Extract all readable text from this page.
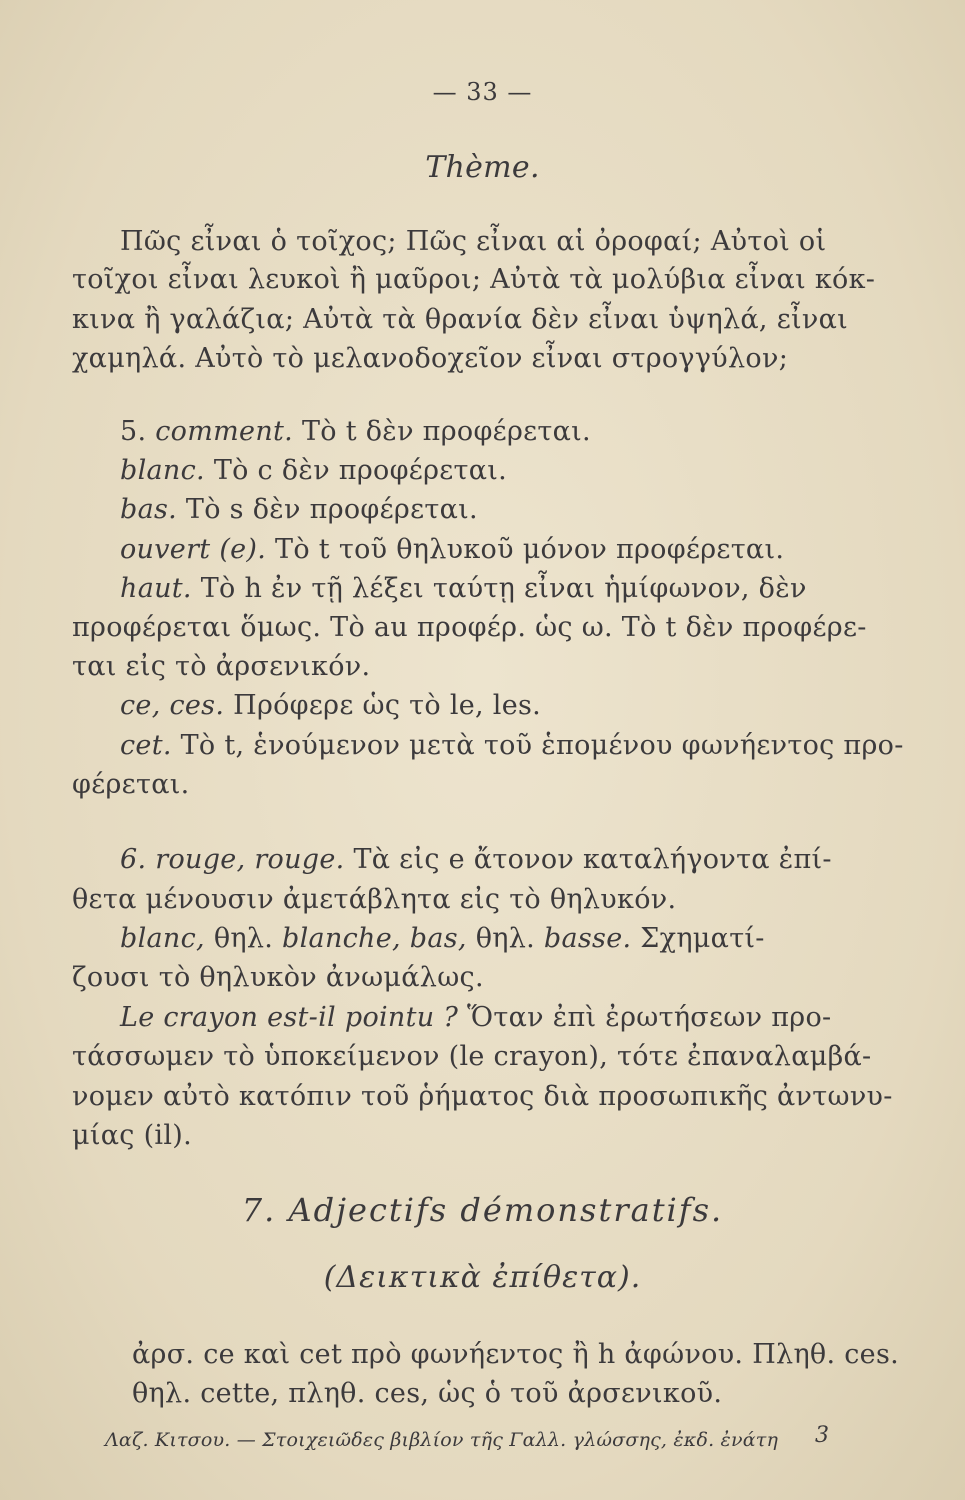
— 33 —
Thème.
Πῶς εἶναι ὁ τοῖχος; Πῶς εἶναι αἱ ὀροφαί; Αὐτοὶ οἱ
τοῖχοι εἶναι λευκοὶ ἢ μαῦροι; Αὐτὰ τὰ μολύβια εἶναι κόκ-
κινα ἢ γαλάζια; Αὐτὰ τὰ θρανία δὲν εἶναι ὑψηλά, εἶναι
χαμηλά. Αὐτὸ τὸ μελανοδοχεῖον εἶναι στρογγύλον;
5. comment. Τὸ t δὲν προφέρεται.
blanc. Τὸ c δὲν προφέρεται.
bas. Τὸ s δὲν προφέρεται.
ouvert (e). Τὸ t τοῦ θηλυκοῦ μόνον προφέρεται.
haut. Τὸ h ἐν τῇ λέξει ταύτῃ εἶναι ἡμίφωνον, δὲν
προφέρεται ὅμως. Τὸ au προφέρ. ὡς ω. Τὸ t δὲν προφέρε-
ται εἰς τὸ ἀρσενικόν.
ce, ces. Πρόφερε ὡς τὸ le, les.
cet. Τὸ t, ἑνούμενον μετὰ τοῦ ἑπομένου φωνήεντος προ-
φέρεται.
6. rouge, rouge. Τὰ εἰς e ἄτονον καταλήγοντα ἐπί-
θετα μένουσιν ἀμετάβλητα εἰς τὸ θηλυκόν.
blanc, θηλ. blanche, bas, θηλ. basse. Σχηματί-
ζουσι τὸ θηλυκὸν ἀνωμάλως.
Le crayon est-il pointu ? Ὅταν ἐπὶ ἐρωτήσεων προ-
τάσσωμεν τὸ ὑποκείμενον (le crayon), τότε ἐπαναλαμβά-
νομεν αὐτὸ κατόπιν τοῦ ῥήματος διὰ προσωπικῆς ἀντωνυ-
μίας (il).
7. Adjectifs démonstratifs.
(Δεικτικὰ ἐπίθετα).
ἀρσ. ce καὶ cet πρὸ φωνήεντος ἢ h ἀφώνου. Πληθ. ces.
θηλ. cette, πληθ. ces, ὡς ὁ τοῦ ἀρσενικοῦ.
Λαζ. Κιτσου. — Στοιχειῶδες βιβλίον τῆς Γαλλ. γλώσσης, ἐκδ. ἐνάτη 3
